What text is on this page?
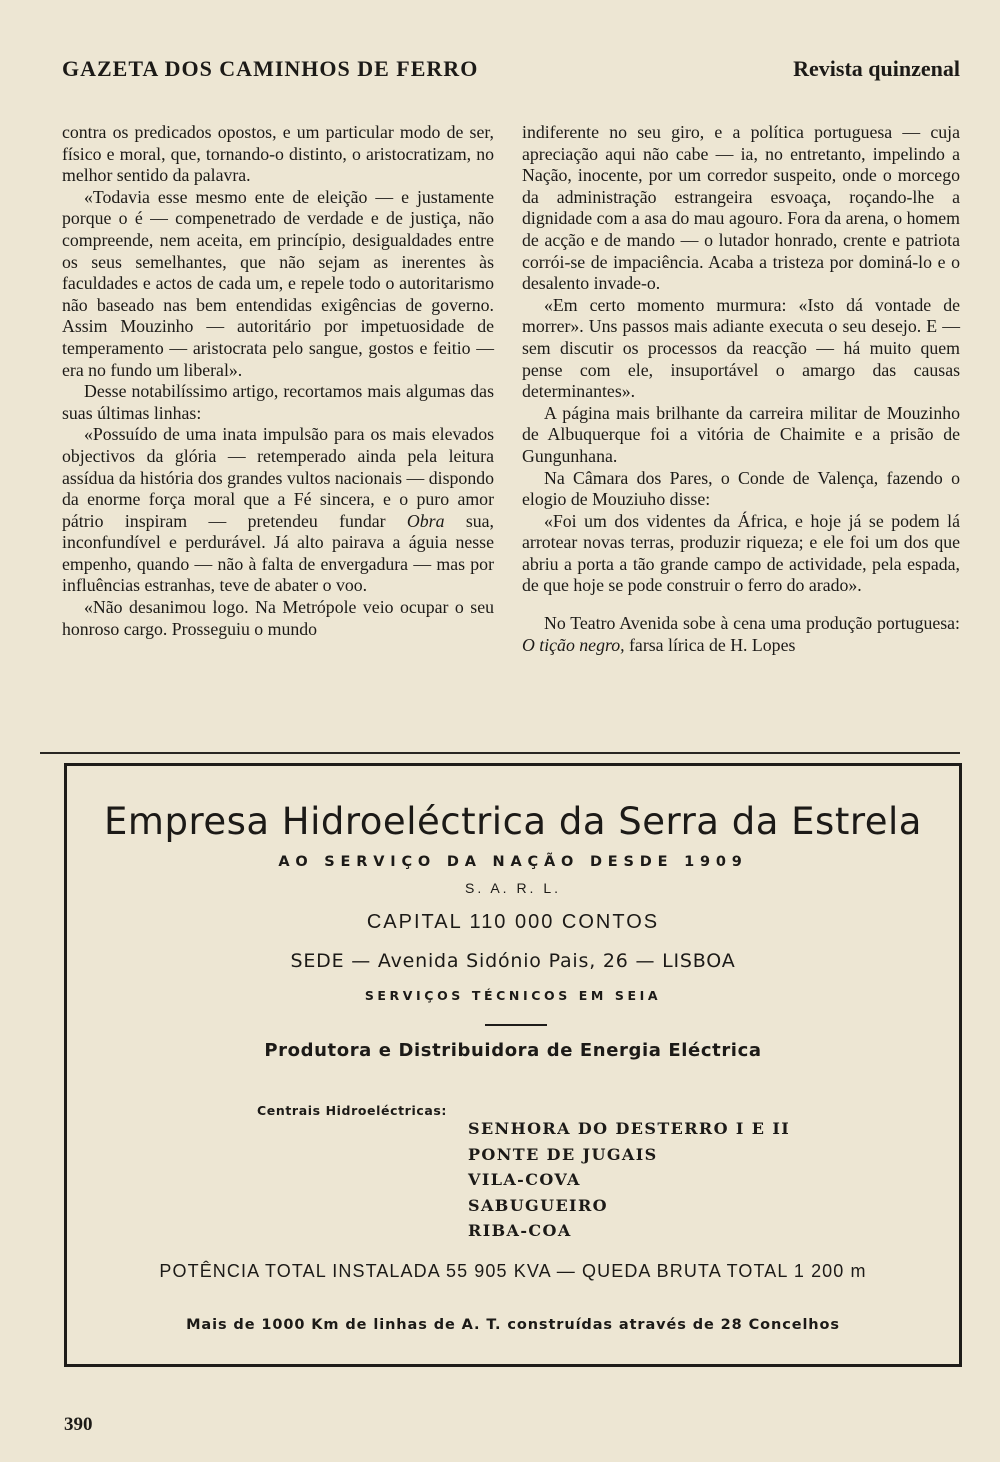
GAZETA DOS CAMINHOS DE FERRO	Revista quinzenal

contra os predicados opostos, e um particular modo de ser, físico e moral, que, tornando-o distinto, o aristocratizam, no melhor sentido da palavra.

«Todavia esse mesmo ente de eleição — e justamente porque o é — compenetrado de verdade e de justiça, não compreende, nem aceita, em princípio, desigualdades entre os seus semelhantes, que não sejam as inerentes às faculdades e actos de cada um, e repele todo o autoritarismo não baseado nas bem entendidas exigências de governo. Assim Mouzinho — autoritário por impetuosidade de temperamento — aristocrata pelo sangue, gostos e feitio — era no fundo um liberal».

Desse notabilíssimo artigo, recortamos mais algumas das suas últimas linhas:

«Possuído de uma inata impulsão para os mais elevados objectivos da glória — retemperado ainda pela leitura assídua da história dos grandes vultos nacionais — dispondo da enorme força moral que a Fé sincera, e o puro amor pátrio inspiram — pretendeu fundar Obra sua, inconfundível e perdurável. Já alto pairava a águia nesse empenho, quando — não à falta de envergadura — mas por influências estranhas, teve de abater o voo.

«Não desanimou logo. Na Metrópole veio ocupar o seu honroso cargo. Prosseguiu o mundo

indiferente no seu giro, e a política portuguesa — cuja apreciação aqui não cabe — ia, no entretanto, impelindo a Nação, inocente, por um corredor suspeito, onde o morcego da administração estrangeira esvoaça, roçando-lhe a dignidade com a asa do mau agouro. Fora da arena, o homem de acção e de mando — o lutador honrado, crente e patriota corrói-se de impaciência. Acaba a tristeza por dominá-lo e o desalento invade-o.

«Em certo momento murmura: «Isto dá vontade de morrer». Uns passos mais adiante executa o seu desejo. E — sem discutir os processos da reacção — há muito quem pense com ele, insuportável o amargo das causas determinantes».

A página mais brilhante da carreira militar de Mouzinho de Albuquerque foi a vitória de Chaimite e a prisão de Gungunhana.

Na Câmara dos Pares, o Conde de Valença, fazendo o elogio de Mouziuho disse:

«Foi um dos videntes da África, e hoje já se podem lá arrotear novas terras, produzir riqueza; e ele foi um dos que abriu a porta a tão grande campo de actividade, pela espada, de que hoje se pode construir o ferro do arado».

No Teatro Avenida sobe à cena uma produção portuguesa: O tição negro, farsa lírica de H. Lopes

Empresa Hidroeléctrica da Serra da Estrela
AO SERVIÇO DA NAÇÃO DESDE 1909
S. A. R. L.
CAPITAL 110 000 CONTOS
SEDE — Avenida Sidónio Pais, 26 — LISBOA
SERVIÇOS TÉCNICOS EM SEIA
Produtora e Distribuidora de Energia Eléctrica
Centrais Hidroeléctricas:
SENHORA DO DESTERRO I E II
PONTE DE JUGAIS
VILA-COVA
SABUGUEIRO
RIBA-COA
POTÊNCIA TOTAL INSTALADA 55 905 KVA — QUEDA BRUTA TOTAL 1 200 m
Mais de 1000 Km de linhas de A. T. construídas através de 28 Concelhos
390
